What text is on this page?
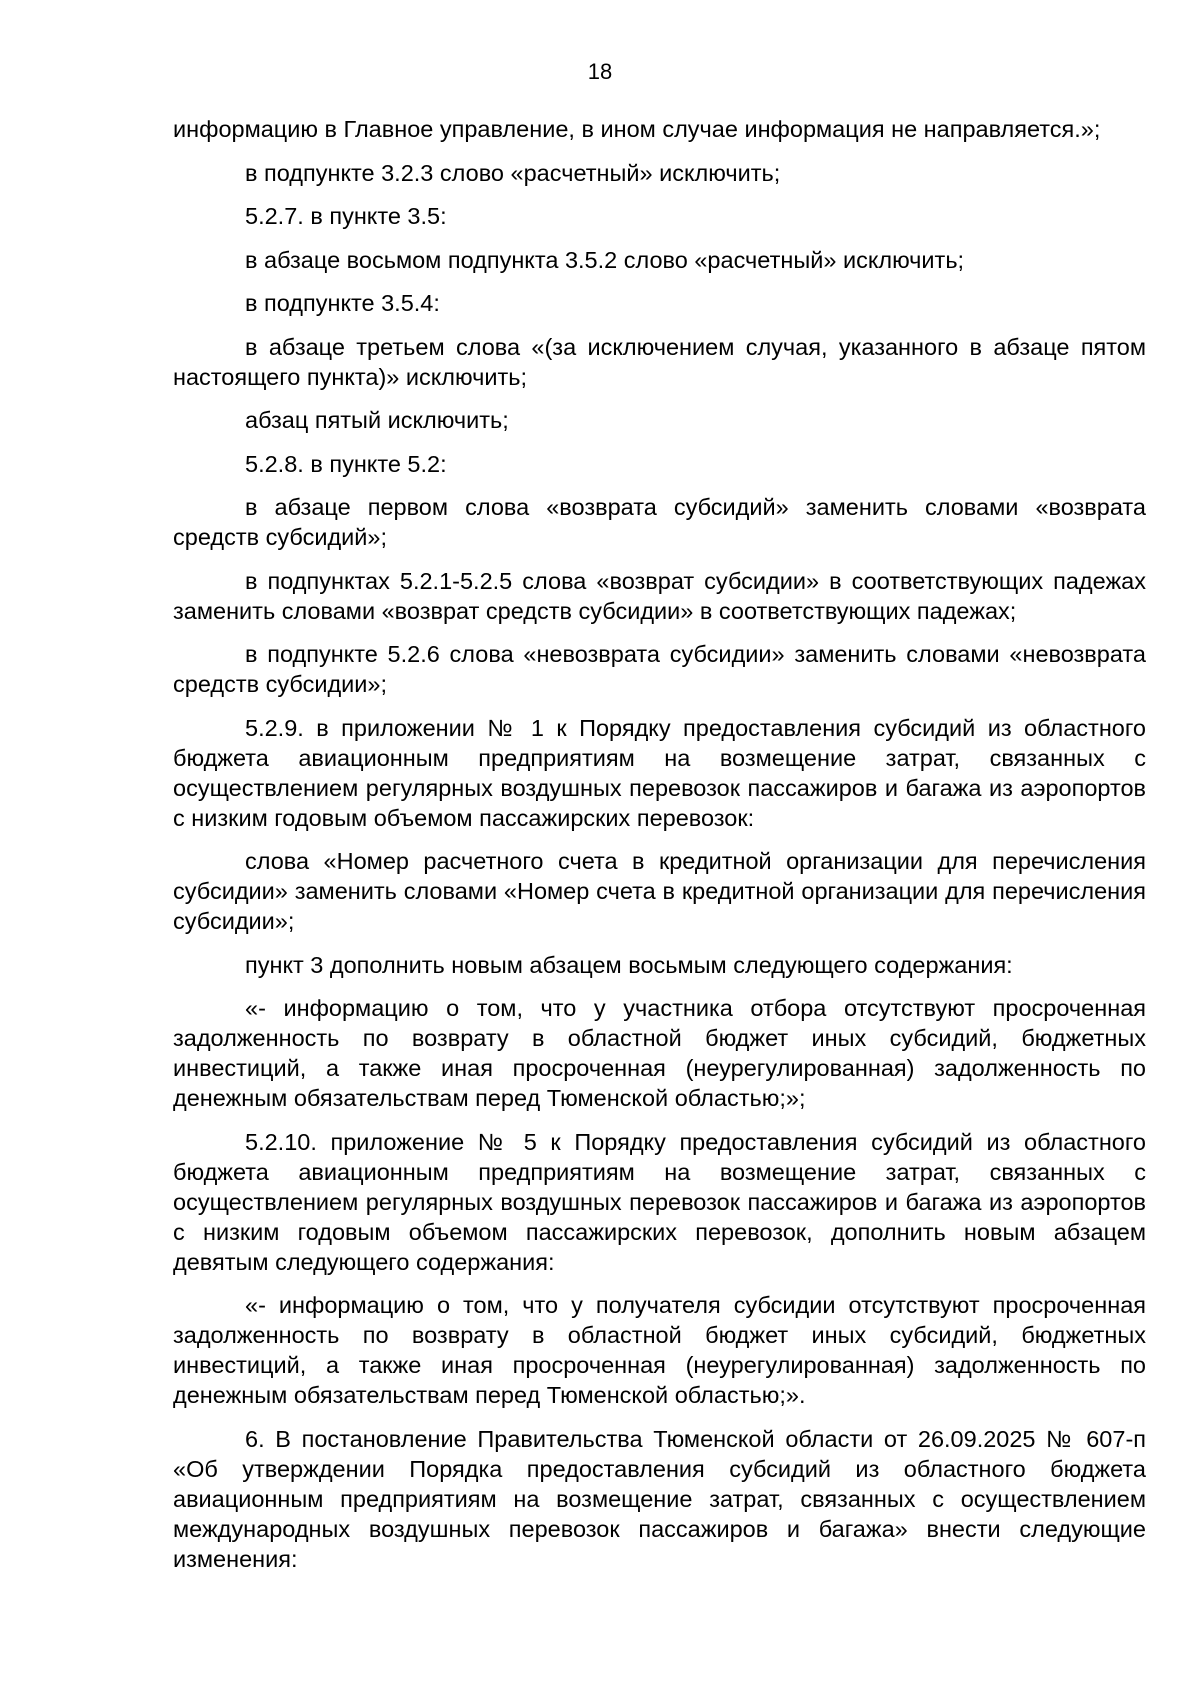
18

информацию в Главное управление, в ином случае информация не направляется.»;

в подпункте 3.2.3 слово «расчетный» исключить;

5.2.7. в пункте 3.5:

в абзаце восьмом подпункта 3.5.2 слово «расчетный» исключить;

в подпункте 3.5.4:

в абзаце третьем слова «(за исключением случая, указанного в абзаце пятом настоящего пункта)» исключить;

абзац пятый исключить;

5.2.8. в пункте 5.2:

в абзаце первом слова «возврата субсидий» заменить словами «возврата средств субсидий»;

в подпунктах 5.2.1-5.2.5 слова «возврат субсидии» в соответствующих падежах заменить словами «возврат средств субсидии» в соответствующих падежах;

в подпункте 5.2.6 слова «невозврата субсидии» заменить словами «невозврата средств субсидии»;

5.2.9. в приложении № 1 к Порядку предоставления субсидий из областного бюджета авиационным предприятиям на возмещение затрат, связанных с осуществлением регулярных воздушных перевозок пассажиров и багажа из аэропортов с низким годовым объемом пассажирских перевозок:

слова «Номер расчетного счета в кредитной организации для перечисления субсидии» заменить словами «Номер счета в кредитной организации для перечисления субсидии»;

пункт 3 дополнить новым абзацем восьмым следующего содержания:

«- информацию о том, что у участника отбора отсутствуют просроченная задолженность по возврату в областной бюджет иных субсидий, бюджетных инвестиций, а также иная просроченная (неурегулированная) задолженность по денежным обязательствам перед Тюменской областью;»;

5.2.10. приложение № 5 к Порядку предоставления субсидий из областного бюджета авиационным предприятиям на возмещение затрат, связанных с осуществлением регулярных воздушных перевозок пассажиров и багажа из аэропортов с низким годовым объемом пассажирских перевозок, дополнить новым абзацем девятым следующего содержания:

«- информацию о том, что у получателя субсидии отсутствуют просроченная задолженность по возврату в областной бюджет иных субсидий, бюджетных инвестиций, а также иная просроченная (неурегулированная) задолженность по денежным обязательствам перед Тюменской областью;».

6. В постановление Правительства Тюменской области от 26.09.2025 № 607-п «Об утверждении Порядка предоставления субсидий из областного бюджета авиационным предприятиям на возмещение затрат, связанных с осуществлением международных воздушных перевозок пассажиров и багажа» внести следующие изменения:
